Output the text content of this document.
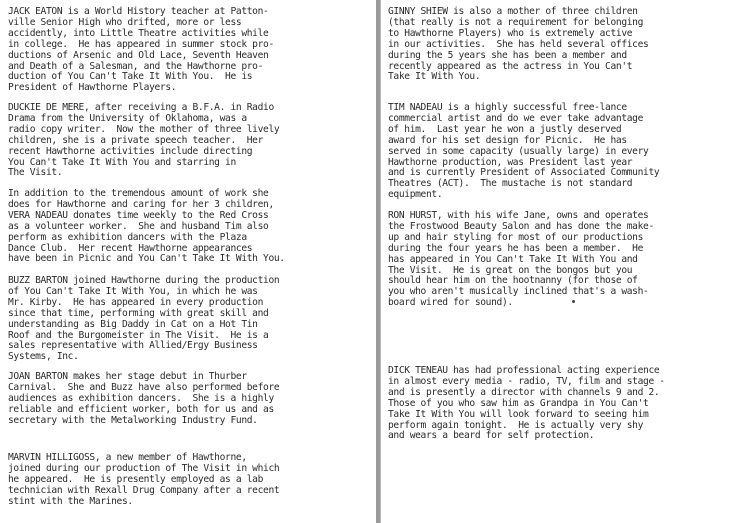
JACK EATON is a World History teacher at Patton-
ville Senior High who drifted, more or less
accidently, into Little Theatre activities while
in college.  He has appeared in summer stock pro-
ductions of Arsenic and Old Lace, Seventh Heaven
and Death of a Salesman, and the Hawthorne pro-
duction of You Can't Take It With You.  He is
President of Hawthorne Players.
DUCKIE DE MERE, after receiving a B.F.A. in Radio
Drama from the University of Oklahoma, was a
radio copy writer.  Now the mother of three lively
children, she is a private speech teacher.  Her
recent Hawthorne activities include directing
You Can't Take It With You and starring in
The Visit.
In addition to the tremendous amount of work she
does for Hawthorne and caring for her 3 children,
VERA NADEAU donates time weekly to the Red Cross
as a volunteer worker.  She and husband Tim also
perform as exhibition dancers with the Plaza
Dance Club.  Her recent Hawthorne appearances
have been in Picnic and You Can't Take It With You.
BUZZ BARTON joined Hawthorne during the production
of You Can't Take It With You, in which he was
Mr. Kirby.  He has appeared in every production
since that time, performing with great skill and
understanding as Big Daddy in Cat on a Hot Tin
Roof and the Burgomeister in The Visit.  He is a
sales representative with Allied/Ergy Business
Systems, Inc.
JOAN BARTON makes her stage debut in Thurber
Carnival.  She and Buzz have also performed before
audiences as exhibition dancers.  She is a highly
reliable and efficient worker, both for us and as
secretary with the Metalworking Industry Fund.
MARVIN HILLIGOSS, a new member of Hawthorne,
joined during our production of The Visit in which
he appeared.  He is presently employed as a lab
technician with Rexall Drug Company after a recent
stint with the Marines.
GINNY SHIEW is also a mother of three children
(that really is not a requirement for belonging
to Hawthorne Players) who is extremely active
in our activities.  She has held several offices
during the 5 years she has been a member and
recently appeared as the actress in You Can't
Take It With You.
TIM NADEAU is a highly successful free-lance
commercial artist and do we ever take advantage
of him.  Last year he won a justly deserved
award for his set design for Picnic.  He has
served in some capacity (usually large) in every
Hawthorne production, was President last year
and is currently President of Associated Community
Theatres (ACT).  The mustache is not standard
equipment.
RON HURST, with his wife Jane, owns and operates
the Frostwood Beauty Salon and has done the make-
up and hair styling for most of our productions
during the four years he has been a member.  He
has appeared in You Can't Take It With You and
The Visit.  He is great on the bongos but you
should hear him on the hootnanny (for those of
you who aren't musically inclined that's a wash-
board wired for sound).
DICK TENEAU has had professional acting experience
in almost every media - radio, TV, film and stage -
and is presently a director with channels 9 and 2.
Those of you who saw him as Grandpa in You Can't
Take It With You will look forward to seeing him
perform again tonight.  He is actually very shy
and wears a beard for self protection.
